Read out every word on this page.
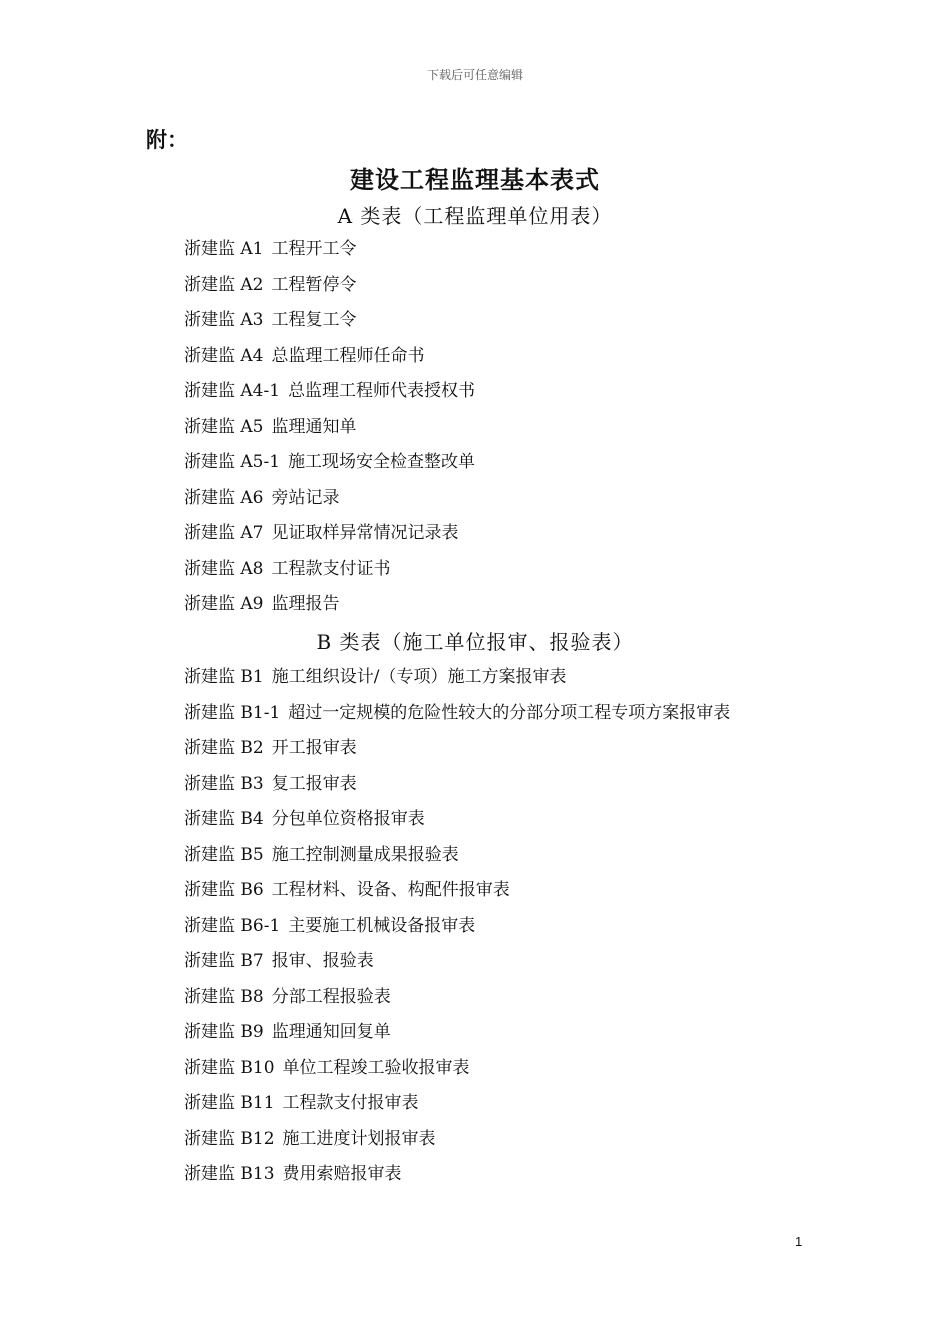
下载后可任意编辑
附：
建设工程监理基本表式
A 类表（工程监理单位用表）
浙建监 A1 工程开工令
浙建监 A2 工程暂停令
浙建监 A3 工程复工令
浙建监 A4 总监理工程师任命书
浙建监 A4-1 总监理工程师代表授权书
浙建监 A5 监理通知单
浙建监 A5-1 施工现场安全检查整改单
浙建监 A6 旁站记录
浙建监 A7 见证取样异常情况记录表
浙建监 A8 工程款支付证书
浙建监 A9 监理报告
B 类表（施工单位报审、报验表）
浙建监 B1 施工组织设计/（专项）施工方案报审表
浙建监 B1-1 超过一定规模的危险性较大的分部分项工程专项方案报审表
浙建监 B2 开工报审表
浙建监 B3 复工报审表
浙建监 B4 分包单位资格报审表
浙建监 B5 施工控制测量成果报验表
浙建监 B6 工程材料、设备、构配件报审表
浙建监 B6-1 主要施工机械设备报审表
浙建监 B7 报审、报验表
浙建监 B8 分部工程报验表
浙建监 B9 监理通知回复单
浙建监 B10 单位工程竣工验收报审表
浙建监 B11 工程款支付报审表
浙建监 B12 施工进度计划报审表
浙建监 B13 费用索赔报审表
1
